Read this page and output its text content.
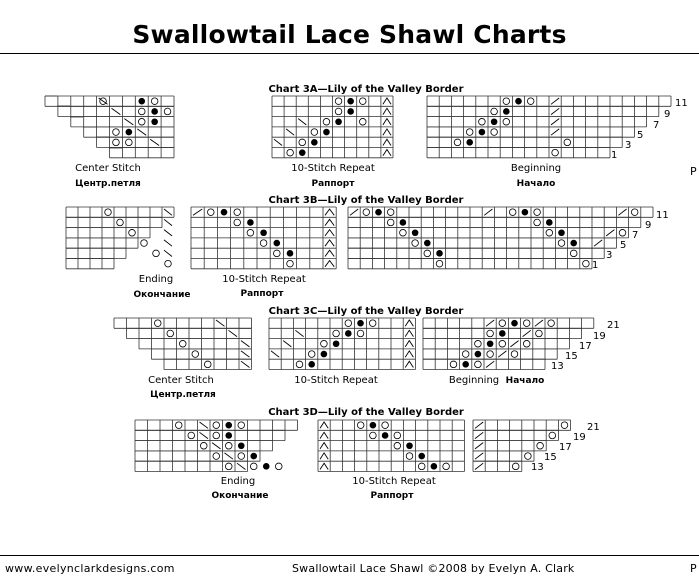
Swallowtail Lace Shawl Charts
P
Chart 3A—Lily of the Valley Border
Center Stitch
Центр.петля
10-Stitch Repeat
Раппорт
Beginning
Начало
11
9
7
5
3
1
Chart 3B—Lily of the Valley Border
Ending
Окончание
10-Stitch Repeat
Раппорт
11
9
7
5
3
1
Chart 3C—Lily of the Valley Border
Center Stitch
Центр.петля
10-Stitch Repeat	Beginning Начало
21
19
17
15
13
Chart 3D—Lily of the Valley Border
Ending
Окончание
10-Stitch Repeat
Раппорт
21
19
17
15
13
www.evelynclarkdesigns.com	Swallowtail Lace Shawl ©2008 by Evelyn A. Clark	P
